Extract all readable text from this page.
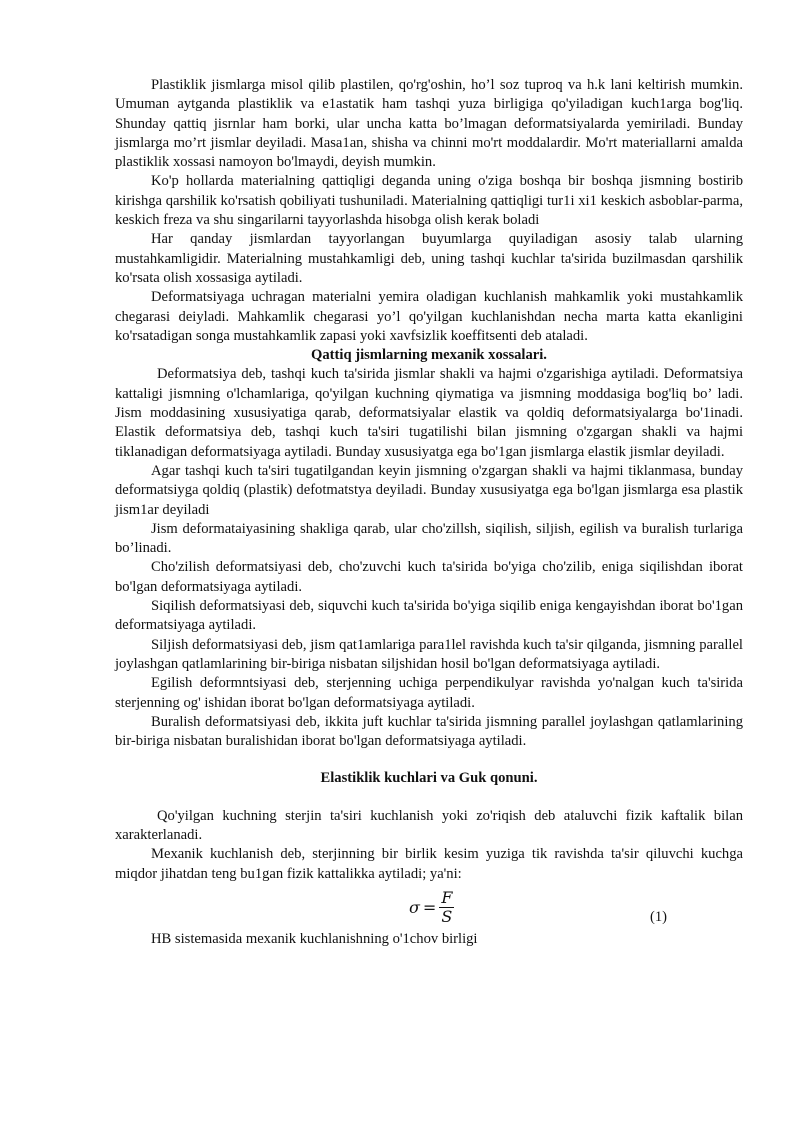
Plastiklik jismlarga misol qilib plastilen, qo'rg'oshin, ho’l soz tuproq va h.k lani keltirish mumkin. Umuman aytganda plastiklik va e1astatik ham tashqi yuza birligiga qo'yiladigan kuch1arga bog'liq. Shunday qattiq jisrnlar ham borki, ular uncha katta bo’lmagan deformatsiyalarda yemiriladi. Bunday jismlarga mo’rt jismlar deyiladi. Masa1an, shisha va chinni mo'rt moddalardir. Mo'rt materiallarni amalda plastiklik xossasi namoyon bo'lmaydi, deyish mumkin.

Ko'p hollarda materialning qattiqligi deganda uning o'ziga boshqa bir boshqa jismning bostirib kirishga qarshilik ko'rsatish qobiliyati tushuniladi. Materialning qattiqligi tur1i xi1 keskich asboblar-parma, keskich freza va shu singarilarni tayyorlashda hisobga olish kerak boladi

Har qanday jismlardan tayyorlangan buyumlarga quyiladigan asosiy talab ularning mustahkamligidir. Materialning mustahkamligi deb, uning tashqi kuchlar ta'sirida buzilmasdan qarshilik ko'rsata olish xossasiga aytiladi.

Deformatsiyaga uchragan materialni yemira oladigan kuchlanish mahkamlik yoki mustahkamlik chegarasi deiyladi. Mahkamlik chegarasi yo’l qo'yilgan kuchlanishdan necha marta katta ekanligini ko'rsatadigan songa mustahkamlik zapasi yoki xavfsizlik koeffitsenti deb ataladi.

Qattiq jismlarning mexanik xossalari.

Deformatsiya deb, tashqi kuch ta'sirida jismlar shakli va hajmi o'zgarishiga aytiladi. Deformatsiya kattaligi jismning o'lchamlariga, qo'yilgan kuchning qiymatiga va jismning moddasiga bog'liq bo’ ladi. Jism moddasining xususiyatiga qarab, deformatsiyalar elastik va qoldiq deformatsiyalarga bo'1inadi. Elastik deformatsiya deb, tashqi kuch ta'siri tugatilishi bilan jismning o'zgargan shakli va hajmi tiklanadigan deformatsiyaga aytiladi. Bunday xususiyatga ega bo'1gan jismlarga elastik jismlar deyiladi.

Agar tashqi kuch ta'siri tugatilgandan keyin jismning o'zgargan shakli va hajmi tiklanmasa, bunday deformatsiyga qoldiq (plastik) defotmatstya deyiladi. Bunday xususiyatga ega bo'lgan jismlarga esa plastik jism1ar deyiladi

Jism deformataiyasining shakliga qarab, ular cho'zillsh, siqilish, siljish, egilish va buralish turlariga bo’linadi.

Cho'zilish deformatsiyasi deb, cho'zuvchi kuch ta'sirida bo'yiga cho'zilib, eniga siqilishdan iborat bo'lgan deformatsiyaga aytiladi.

Siqilish deformatsiyasi deb, siquvchi kuch ta'sirida bo'yiga siqilib eniga kengayishdan iborat bo'1gan deformatsiyaga aytiladi.

Siljish deformatsiyasi deb, jism qat1amlariga para1lel ravishda kuch ta'sir qilganda, jismning parallel joylashgan qatlamlarining bir-biriga nisbatan siljshidan hosil bo'lgan deformatsiyaga aytiladi.

Egilish deformntsiyasi deb, sterjenning uchiga perpendikulyar ravishda yo'nalgan kuch ta'sirida sterjenning og' ishidan iborat bo'lgan deformatsiyaga aytiladi.

Buralish deformatsiyasi deb, ikkita juft kuchlar ta'sirida jismning parallel joylashgan qatlamlarining bir-biriga nisbatan buralishidan iborat bo'lgan deformatsiyaga aytiladi.

Elastiklik kuchlari va Guk qonuni.

Qo'yilgan kuchning sterjin ta'siri kuchlanish yoki zo'riqish deb ataluvchi fizik kaftalik bilan xarakterlanadi.

Mexanik kuchlanish deb, sterjinning bir birlik kesim yuziga tik ravishda ta'sir qiluvchi kuchga miqdor jihatdan teng bu1gan fizik kattalikka aytiladi; ya'ni:

$\sigma = \frac{F}{S}$	(1)

HB sistemasida mexanik kuchlanishning o'1chov birligi
